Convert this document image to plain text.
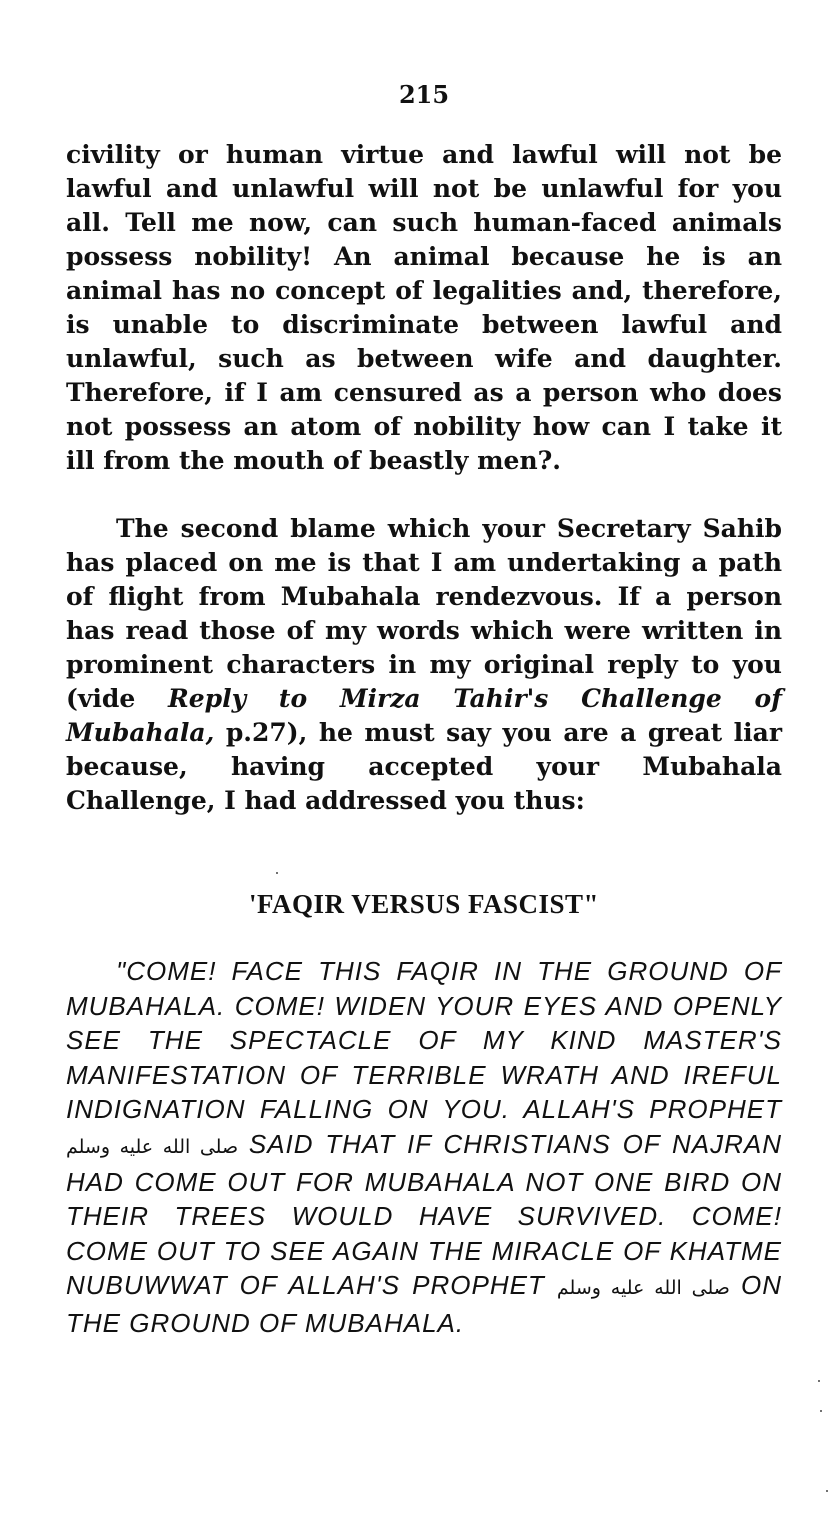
215

civility or human virtue and lawful will not be lawful and unlawful will not be unlawful for you all. Tell me now, can such human-faced animals possess nobility! An animal because he is an animal has no concept of legalities and, therefore, is unable to discriminate between lawful and unlawful, such as between wife and daughter. Therefore, if I am censured as a person who does not possess an atom of nobility how can I take it ill from the mouth of beastly men?.

The second blame which your Secretary Sahib has placed on me is that I am undertaking a path of flight from Mubahala rendezvous. If a person has read those of my words which were written in prominent characters in my original reply to you (vide Reply to Mirza Tahir's Challenge of Mubahala, p.27), he must say you are a great liar because, having accepted your Mubahala Challenge, I had addressed you thus:

'FAQIR VERSUS FASCIST"

"COME! FACE THIS FAQIR IN THE GROUND OF MUBAHALA. COME! WIDEN YOUR EYES AND OPENLY SEE THE SPECTACLE OF MY KIND MASTER'S MANIFESTATION OF TERRIBLE WRATH AND IREFUL INDIGNATION FALLING ON YOU. ALLAH'S PROPHET صلى الله عليه وسلم SAID THAT IF CHRISTIANS OF NAJRAN HAD COME OUT FOR MUBAHALA NOT ONE BIRD ON THEIR TREES WOULD HAVE SURVIVED. COME! COME OUT TO SEE AGAIN THE MIRACLE OF KHATME NUBUWWAT OF ALLAH'S PROPHET صلى الله عليه وسلم ON THE GROUND OF MUBAHALA.
